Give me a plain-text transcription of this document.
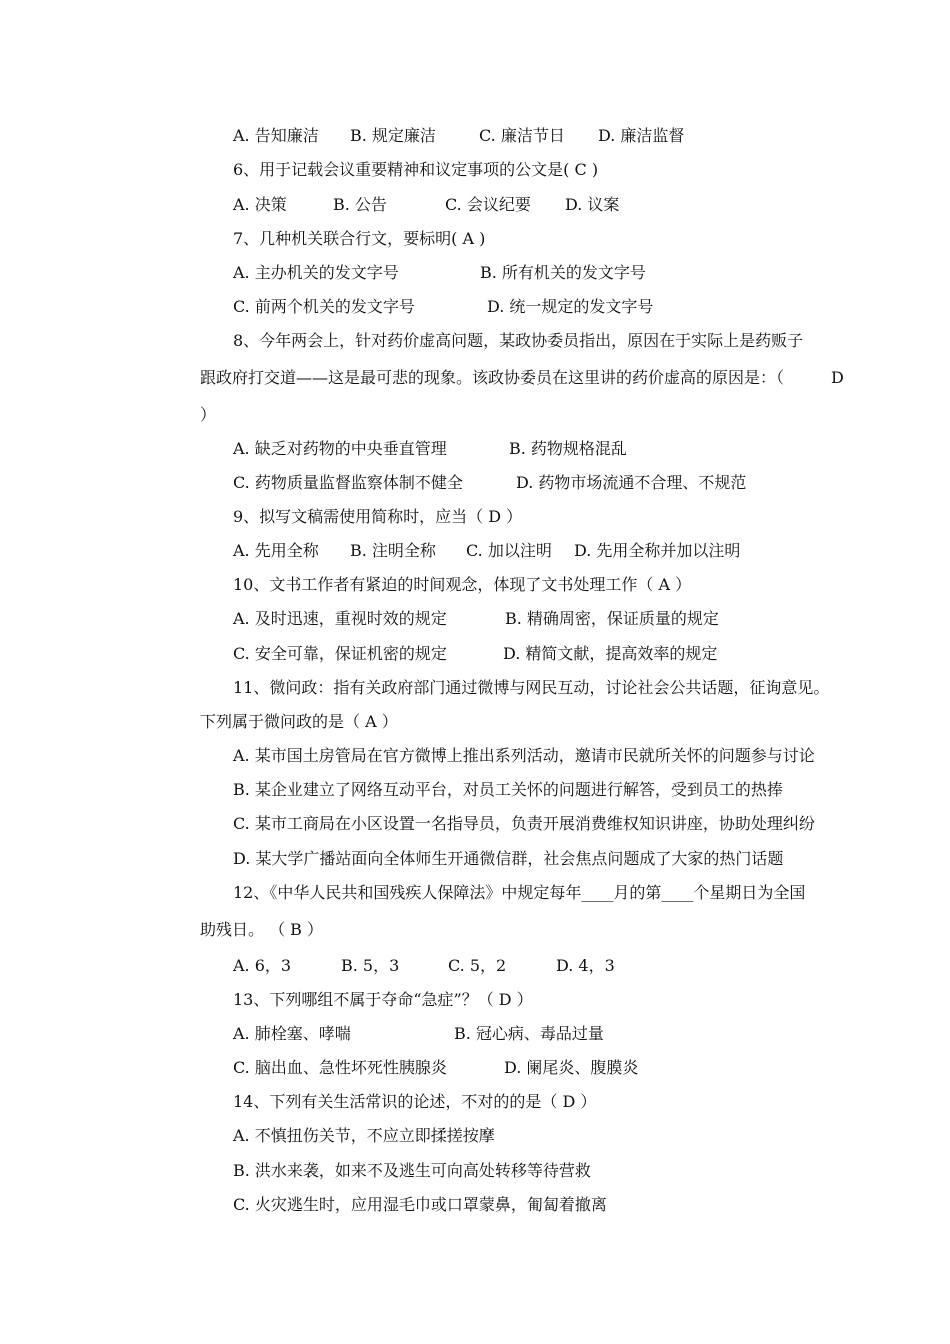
A. 告知廉洁 B. 规定廉洁	C. 廉洁节日 D. 廉洁监督
6、用于记载会议重要精神和议定事项的公文是( C )
A. 决策	B. 公告	C. 会议纪要 D. 议案
7、几种机关联合行文，要标明( A )
A. 主办机关的发文字号	B. 所有机关的发文字号
C. 前两个机关的发文字号	D. 统一规定的发文字号
8、今年两会上，针对药价虚高问题，某政协委员指出，原因在于实际上是药贩子
跟政府打交道——这是最可悲的现象。该政协委员在这里讲的药价虚高的原因是：（	D
）
A. 缺乏对药物的中央垂直管理	B. 药物规格混乱
C. 药物质量监督监察体制不健全	D. 药物市场流通不合理、不规范
9、拟写文稿需使用简称时，应当（ D ）
A. 先用全称 B. 注明全称 C. 加以注明 D. 先用全称并加以注明
10、文书工作者有紧迫的时间观念，体现了文书处理工作（ A ）
A. 及时迅速，重视时效的规定	B. 精确周密，保证质量的规定
C. 安全可靠，保证机密的规定	D. 精简文献，提高效率的规定
11、微问政：指有关政府部门通过微博与网民互动，讨论社会公共话题，征询意见。
下列属于微问政的是（ A ）
A. 某市国土房管局在官方微博上推出系列活动，邀请市民就所关怀的问题参与讨论
B. 某企业建立了网络互动平台，对员工关怀的问题进行解答，受到员工的热捧
C. 某市工商局在小区设置一名指导员，负责开展消费维权知识讲座，协助处理纠纷
D. 某大学广播站面向全体师生开通微信群，社会焦点问题成了大家的热门话题
12、《中华人民共和国残疾人保障法》中规定每年____月的第____个星期日为全国
助残日。 （ B ）
A. 6，3	B. 5，3	C. 5，2	D. 4，3
13、下列哪组不属于夺命“急症”？（ D ）
A. 肺栓塞、哮喘	B. 冠心病、毒品过量
C. 脑出血、急性坏死性胰腺炎	D. 阑尾炎、腹膜炎
14、下列有关生活常识的论述，不对的的是（ D ）
A. 不慎扭伤关节，不应立即揉搓按摩
B. 洪水来袭，如来不及逃生可向高处转移等待营救
C. 火灾逃生时，应用湿毛巾或口罩蒙鼻，匍匐着撤离
